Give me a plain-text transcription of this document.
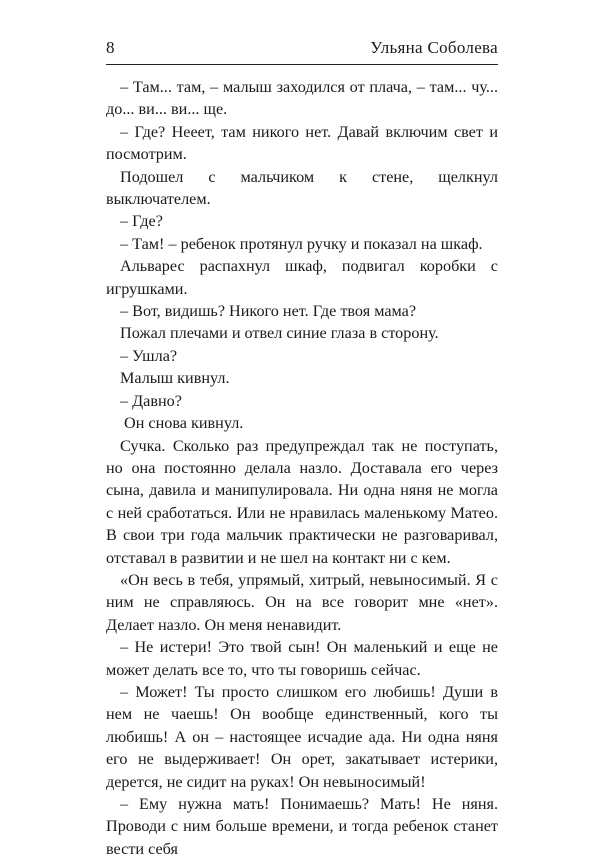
8	Ульяна Соболева

– Там... там, – малыш заходился от плача, – там... чу... до... ви... ви... ще.

– Где? Нееет, там никого нет. Давай включим свет и посмотрим.

Подошел с мальчиком к стене, щелкнул выключателем.

– Где?

– Там! – ребенок протянул ручку и показал на шкаф.

Альварес распахнул шкаф, подвигал коробки с игрушками.

– Вот, видишь? Никого нет. Где твоя мама?

Пожал плечами и отвел синие глаза в сторону.

– Ушла?

Малыш кивнул.

– Давно?

Он снова кивнул.

Сучка. Сколько раз предупреждал так не поступать, но она постоянно делала назло. Доставала его через сына, давила и манипулировала. Ни одна няня не могла с ней сработаться. Или не нравилась маленькому Матео. В свои три года мальчик практически не разговаривал, отставал в развитии и не шел на контакт ни с кем.

«Он весь в тебя, упрямый, хитрый, невыносимый. Я с ним не справляюсь. Он на все говорит мне «нет». Делает назло. Он меня ненавидит.

– Не истери! Это твой сын! Он маленький и еще не может делать все то, что ты говоришь сейчас.

– Может! Ты просто слишком его любишь! Души в нем не чаешь! Он вообще единственный, кого ты любишь! А он – настоящее исчадие ада. Ни одна няня его не выдерживает! Он орет, закатывает истерики, дерется, не сидит на руках! Он невыносимый!

– Ему нужна мать! Понимаешь? Мать! Не няня. Проводи с ним больше времени, и тогда ребенок станет вести себя
